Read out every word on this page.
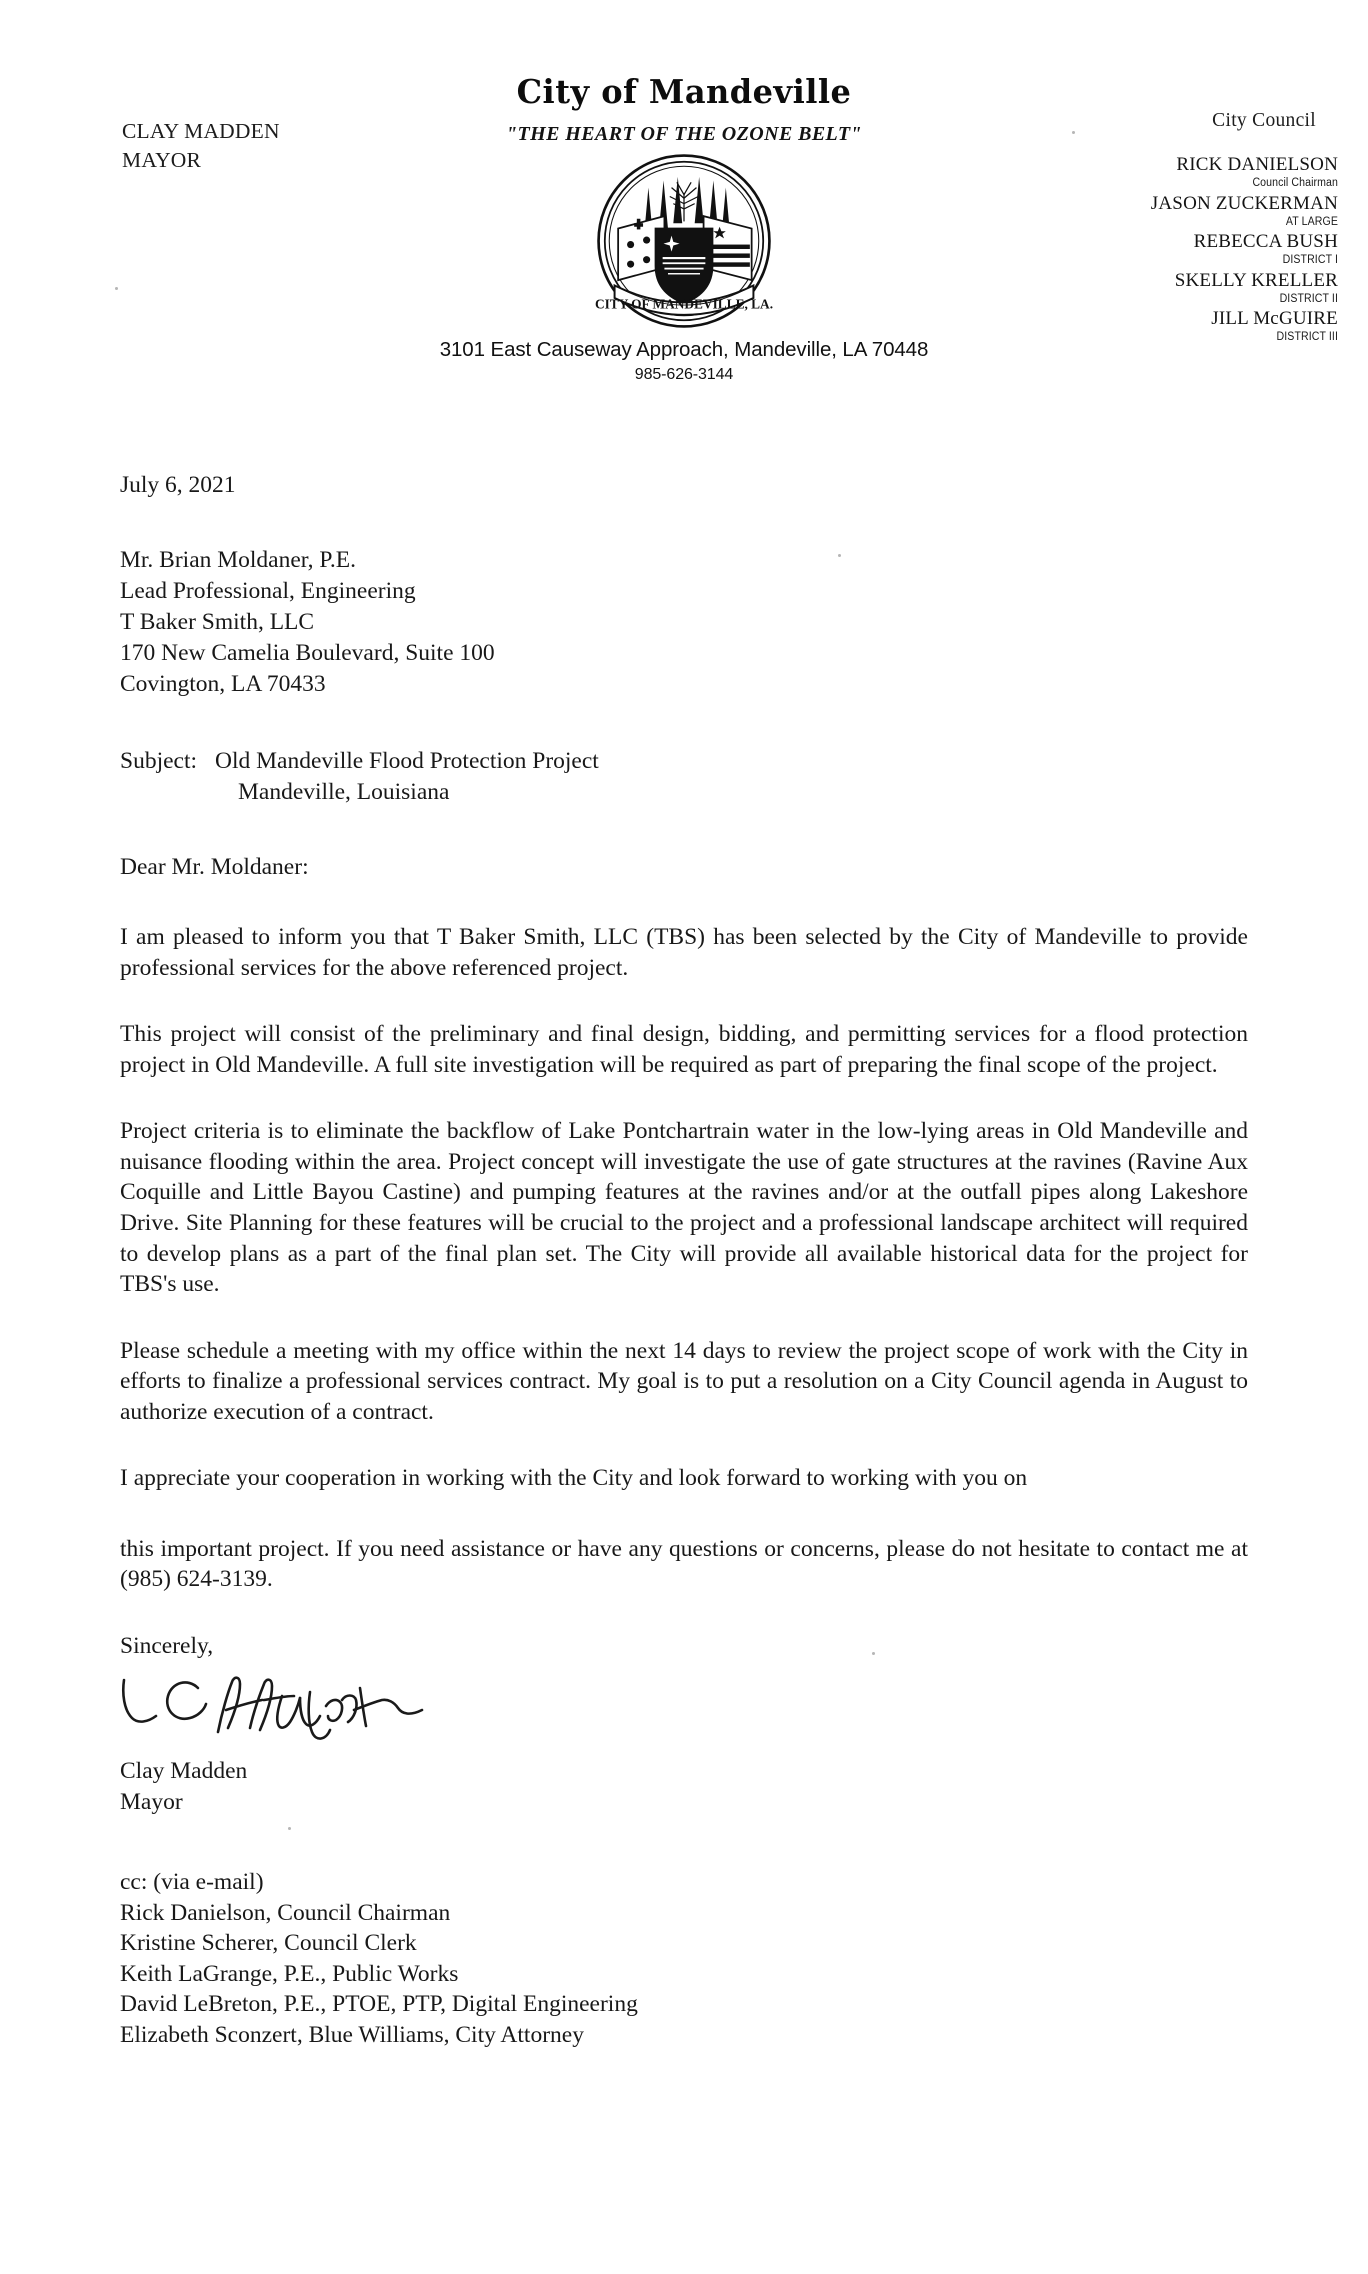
CLAY MADDEN
MAYOR
City of Mandeville
"THE HEART OF THE OZONE BELT"
CITY OF MANDEVILLE, LA.
3101 East Causeway Approach, Mandeville, LA 70448
985-626-3144
City Council
RICK DANIELSON
Council Chairman
JASON ZUCKERMAN
AT LARGE
REBECCA BUSH
DISTRICT I
SKELLY KRELLER
DISTRICT II
JILL McGUIRE
DISTRICT III
July 6, 2021
Mr. Brian Moldaner, P.E.
Lead Professional, Engineering
T Baker Smith, LLC
170 New Camelia Boulevard, Suite 100
Covington, LA 70433
Subject: Old Mandeville Flood Protection Project
Mandeville, Louisiana
Dear Mr. Moldaner:

I am pleased to inform you that T Baker Smith, LLC (TBS) has been selected by the City of Mandeville to provide professional services for the above referenced project.

This project will consist of the preliminary and final design, bidding, and permitting services for a flood protection project in Old Mandeville. A full site investigation will be required as part of preparing the final scope of the project.

Project criteria is to eliminate the backflow of Lake Pontchartrain water in the low-lying areas in Old Mandeville and nuisance flooding within the area. Project concept will investigate the use of gate structures at the ravines (Ravine Aux Coquille and Little Bayou Castine) and pumping features at the ravines and/or at the outfall pipes along Lakeshore Drive. Site Planning for these features will be crucial to the project and a professional landscape architect will required to develop plans as a part of the final plan set. The City will provide all available historical data for the project for TBS's use.

Please schedule a meeting with my office within the next 14 days to review the project scope of work with the City in efforts to finalize a professional services contract. My goal is to put a resolution on a City Council agenda in August to authorize execution of a contract.

I appreciate your cooperation in working with the City and look forward to working with you on

this important project. If you need assistance or have any questions or concerns, please do not hesitate to contact me at (985) 624-3139.

Sincerely,
Clay Madden
Mayor
cc: (via e-mail)
Rick Danielson, Council Chairman
Kristine Scherer, Council Clerk
Keith LaGrange, P.E., Public Works
David LeBreton, P.E., PTOE, PTP, Digital Engineering
Elizabeth Sconzert, Blue Williams, City Attorney
